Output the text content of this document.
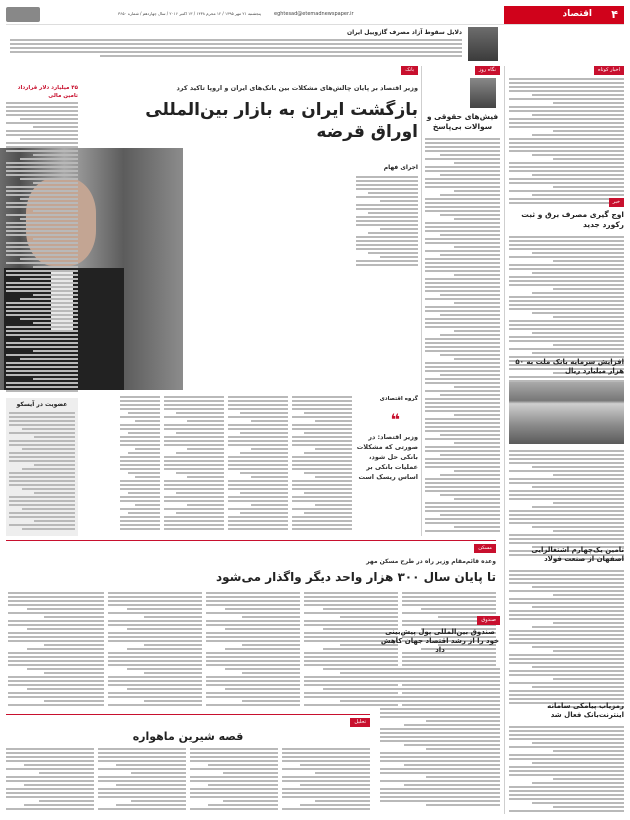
۴
اقتصاد
eghtesad@etemadnewspaper.ir
پنجشنبه ۲۱ مهر ۱۳۹۵ / ۱۲ محرم ۱۴۳۸ / ۱۳ اکتبر ۲۰۱۶ / سال چهاردهم / شماره ۳۶۵۰
دلایل سقوط آزاد مصرف گازوییل ایران
اخبار کوتاه
خبر
اوج گیری مصرف برق و ثبت رکورد جدید
افزایش سرمایه بانک ملت به ۵۰ هزار میلیارد ریال
تامین یک‌چهارم اشتغالزایی اصفهان از صنعت فولاد
رمزیاب پیامکی سامانه اینترنت‌بانک فعال شد
نگاه روز
فیش‌های حقوقی و سوالات بی‌پاسخ
بانک
وزیر اقتصاد بر پایان چالش‌های مشکلات بین بانک‌های ایران و اروپا تاکید کرد
بازگشت ایران به بازار بین‌المللی
اوراق قرضه
اجرای فهام
گروه اقتصادی
❝
وزیر اقتصاد: در صورتی که مشکلات بانکی حل شود، عملیات بانکی بر اساس ریسک است
۴۵ میلیارد دلار قرارداد تامین مالی
عضویت در آیسکو
مسکن
وعده قائم‌مقام وزیر راه در طرح مسکن مهر
تا پایان سال ۳۰۰ هزار واحد دیگر واگذار می‌شود
صندوق
صندوق بین‌المللی پول پیش‌بینی خود را از رشد اقتصاد جهان کاهش داد
تحلیل
قصه شیرین ماهواره
